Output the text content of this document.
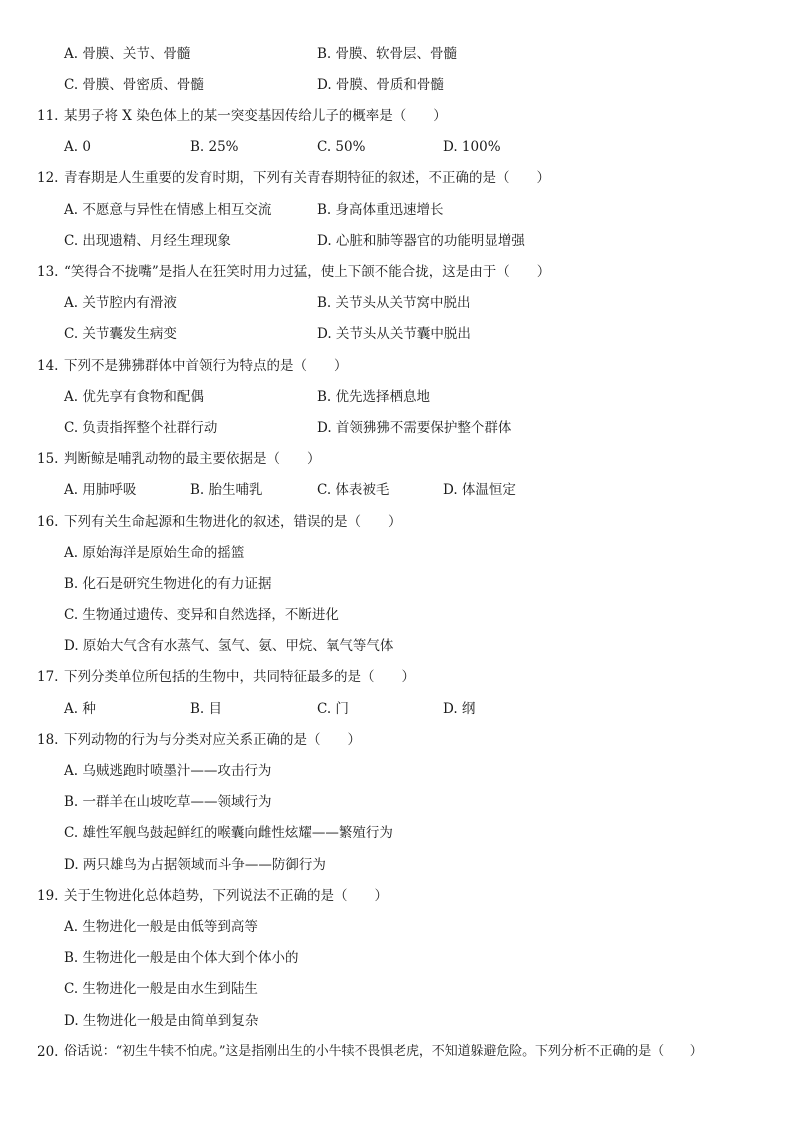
A. 骨膜、关节、骨髓	B. 骨膜、软骨层、骨髓
C. 骨膜、骨密质、骨髓	D. 骨膜、骨质和骨髓
11. 某男子将 X 染色体上的某一突变基因传给儿子的概率是（　　）
A. 0	B. 25%	C. 50%	D. 100%
12. 青春期是人生重要的发育时期，下列有关青春期特征的叙述，不正确的是（　　）
A. 不愿意与异性在情感上相互交流	B. 身高体重迅速增长
C. 出现遗精、月经生理现象	D. 心脏和肺等器官的功能明显增强
13. “笑得合不拢嘴”是指人在狂笑时用力过猛，使上下颌不能合拢，这是由于（　　）
A. 关节腔内有滑液	B. 关节头从关节窝中脱出
C. 关节囊发生病变	D. 关节头从关节囊中脱出
14. 下列不是狒狒群体中首领行为特点的是（　　）
A. 优先享有食物和配偶	B. 优先选择栖息地
C. 负责指挥整个社群行动	D. 首领狒狒不需要保护整个群体
15. 判断鲸是哺乳动物的最主要依据是（　　）
A. 用肺呼吸	B. 胎生哺乳	C. 体表被毛	D. 体温恒定
16. 下列有关生命起源和生物进化的叙述，错误的是（　　）
A. 原始海洋是原始生命的摇篮
B. 化石是研究生物进化的有力证据
C. 生物通过遗传、变异和自然选择，不断进化
D. 原始大气含有水蒸气、氢气、氨、甲烷、氧气等气体
17. 下列分类单位所包括的生物中，共同特征最多的是（　　）
A. 种	B. 目	C. 门	D. 纲
18. 下列动物的行为与分类对应关系正确的是（　　）
A. 乌贼逃跑时喷墨汁——攻击行为
B. 一群羊在山坡吃草——领域行为
C. 雄性军舰鸟鼓起鲜红的喉囊向雌性炫耀——繁殖行为
D. 两只雄鸟为占据领域而斗争——防御行为
19. 关于生物进化总体趋势，下列说法不正确的是（　　）
A. 生物进化一般是由低等到高等
B. 生物进化一般是由个体大到个体小的
C. 生物进化一般是由水生到陆生
D. 生物进化一般是由简单到复杂
20. 俗话说：“初生牛犊不怕虎。”这是指刚出生的小牛犊不畏惧老虎，不知道躲避危险。下列分析不正确的是（　　）
